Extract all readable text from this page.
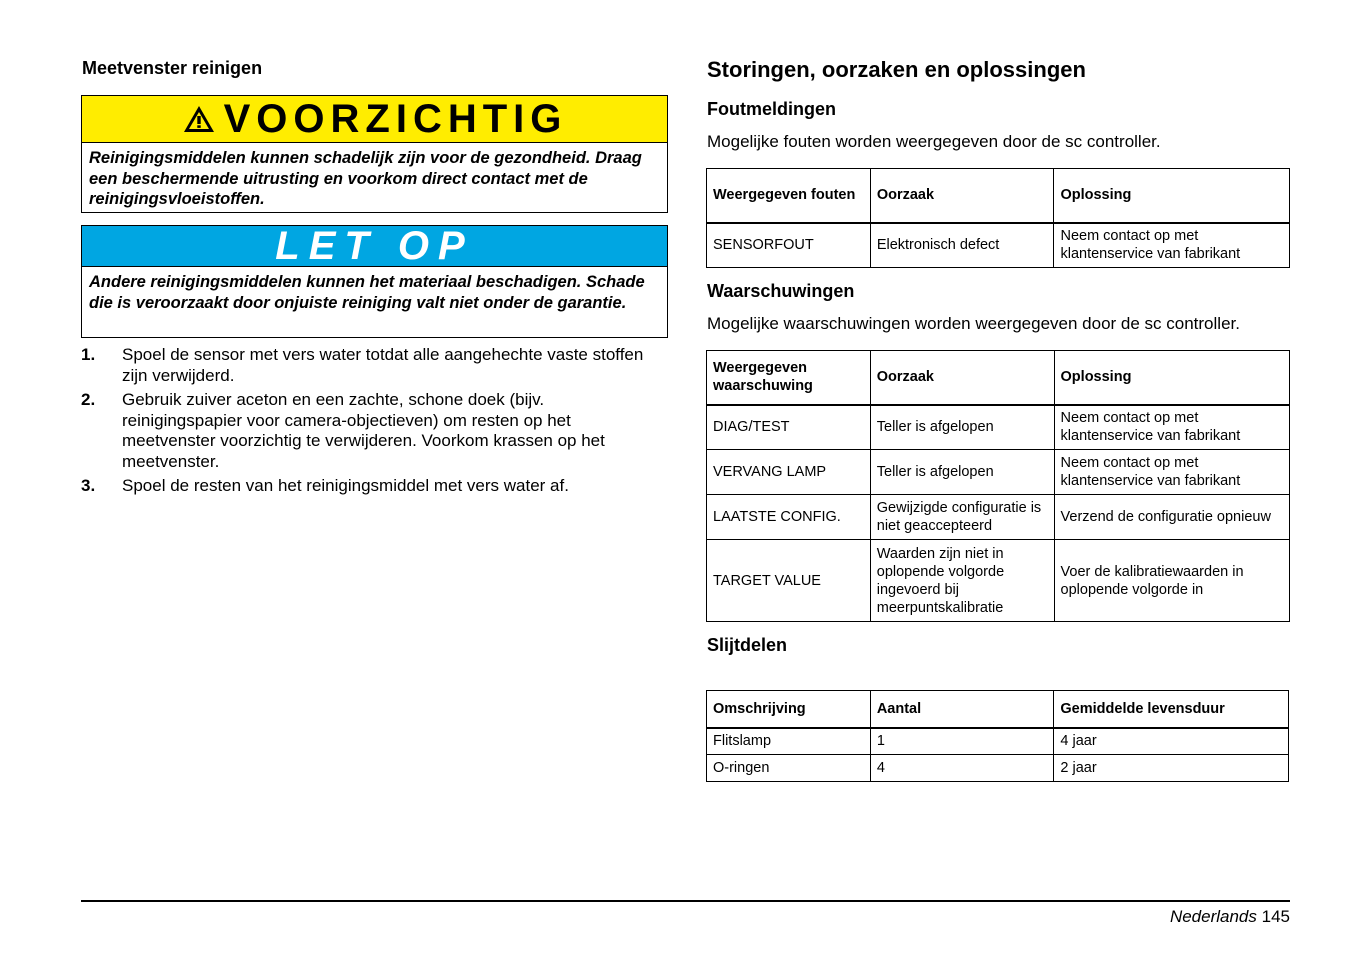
Meetvenster reinigen
VOORZICHTIG
Reinigingsmiddelen kunnen schadelijk zijn voor de gezondheid. Draag een beschermende uitrusting en voorkom direct contact met de reinigingsvloeistoffen.
LET OP
Andere reinigingsmiddelen kunnen het materiaal beschadigen. Schade die is veroorzaakt door onjuiste reiniging valt niet onder de garantie.
1.	Spoel de sensor met vers water totdat alle aangehechte vaste stoffen zijn verwijderd.
2.	Gebruik zuiver aceton en een zachte, schone doek (bijv. reinigingspapier voor camera-objectieven) om resten op het meetvenster voorzichtig te verwijderen. Voorkom krassen op het meetvenster.
3.	Spoel de resten van het reinigingsmiddel met vers water af.
Storingen, oorzaken en oplossingen
Foutmeldingen
Mogelijke fouten worden weergegeven door de sc controller.
Weergegeven fouten	Oorzaak	Oplossing
SENSORFOUT	Elektronisch defect	Neem contact op met klantenservice van fabrikant
Waarschuwingen
Mogelijke waarschuwingen worden weergegeven door de sc controller.
Weergegeven waarschuwing	Oorzaak	Oplossing
DIAG/TEST	Teller is afgelopen	Neem contact op met klantenservice van fabrikant
VERVANG LAMP	Teller is afgelopen	Neem contact op met klantenservice van fabrikant
LAATSTE CONFIG.	Gewijzigde configuratie is niet geaccepteerd	Verzend de configuratie opnieuw
TARGET VALUE	Waarden zijn niet in oplopende volgorde ingevoerd bij meerpuntskalibratie	Voer de kalibratiewaarden in oplopende volgorde in
Slijtdelen
Omschrijving	Aantal	Gemiddelde levensduur
Flitslamp	1	4 jaar
O-ringen	4	2 jaar
Nederlands 145
